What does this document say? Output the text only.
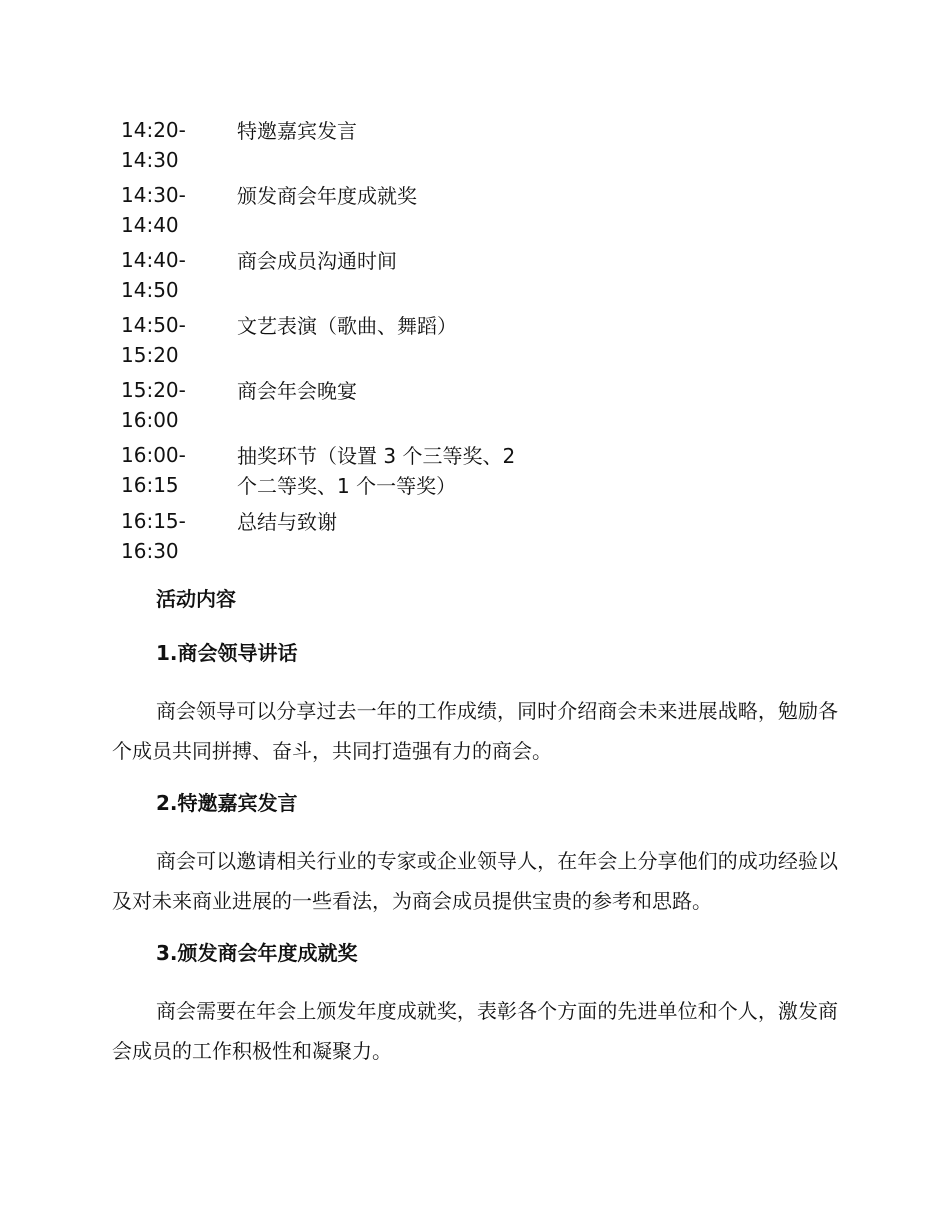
14:20-
14:30
特邀嘉宾发言
14:30-
14:40
颁发商会年度成就奖
14:40-
14:50
商会成员沟通时间
14:50-
15:20
文艺表演（歌曲、舞蹈）
15:20-
16:00
商会年会晚宴
16:00-
16:15
抽奖环节（设置 3 个三等奖、2 个二等奖、1 个一等奖）
16:15-
16:30
总结与致谢
活动内容
1.商会领导讲话
商会领导可以分享过去一年的工作成绩，同时介绍商会未来进展战略，勉励各个成员共同拼搏、奋斗，共同打造强有力的商会。
2.特邀嘉宾发言
商会可以邀请相关行业的专家或企业领导人，在年会上分享他们的成功经验以及对未来商业进展的一些看法，为商会成员提供宝贵的参考和思路。
3.颁发商会年度成就奖
商会需要在年会上颁发年度成就奖，表彰各个方面的先进单位和个人，激发商会成员的工作积极性和凝聚力。
